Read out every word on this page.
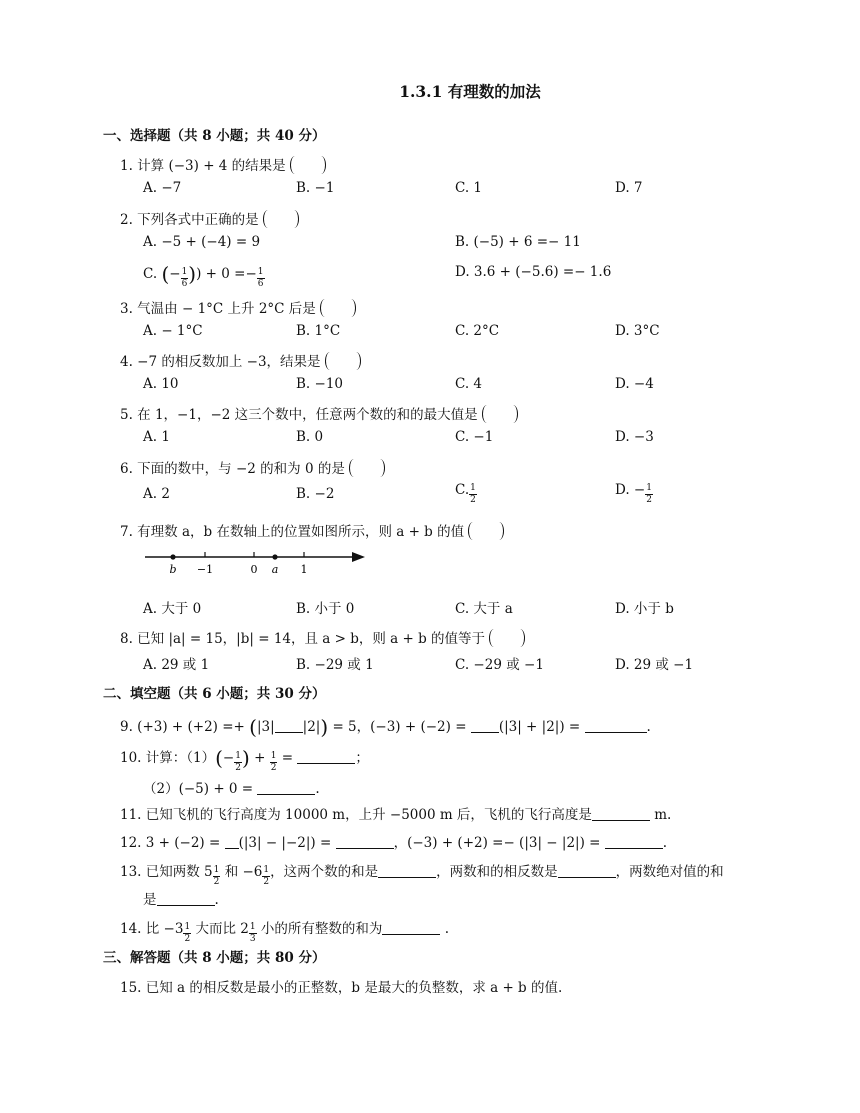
1.3.1 有理数的加法
一、选择题（共 8 小题；共 40 分）
1. 计算 (−3) + 4 的结果是
A. −7	B. −1	C. 1	D. 7
2. 下列各式中正确的是
A. −5 + (−4) = 9	B. (−5) + 6 =− 11
C. (− $\frac{1}{6}$ )) + $0 =- \frac{1}{6}$	D. 3.6 + (−5.6) =− 1.6
3. 气温由 − 1°C 上升 2°C 后是
A. − 1°C	B. 1°C	C. 2°C	D. 3°C
4. −7 的相反数加上 −3，结果是
A. 10	B. −10	C. 4	D. −4
5. 在 1，−1，−2 这三个数中，任意两个数的和的最大值是
A. 1	B. 0	C. −1	D. −3
6. 下面的数中，与 −2 的和为 0 的是
A. 2	B. −2	C. $\frac{1}{2}$	D. − $\frac{1}{2}$
7. 有理数 a，b 在数轴上的位置如图所示，则 a + b 的值
b −1	0 a 1
A. 大于 0	B. 小于 0	C. 大于 a	D. 小于 b
8. 已知 |a| = 15，|b| = 14，且 a > b，则 a + b 的值等于
A. 29 或 1	B. −29 或 1	C. −29 或 −1	D. 29 或 −1
二、填空题（共 6 小题；共 30 分）
9. (+3) + (+2) =+ (|3| |2|) = 5，(−3) + (−2) = (|3| + |2|) =	.
10. 计算：$(1)(- \frac{1}{2}$ ) + $\frac{1}{2}$ =	；
（2）(−5) + 0 =	.
11. 已知飞机的飞行高度为 10000 m，上升 −5000 m 后，飞机的飞行高度是	m.
12. 3 + (−2) = (|3| − |−2|) =	，(−3) + (+2) =− (|3| − |2|) =	.
13. 已知两数 $5 \frac{1}{2}$ 和 $-6 \frac{1}{2}$ ，这两个数的和是	，两数和的相反数是	，两数绝对值的和
是	.
14. 比 $-3 \frac{1}{2}$ 大而比 $2 \frac{1}{3}$ 小的所有整数的和为	.
三、解答题（共 8 小题；共 80 分）
15. 已知 a 的相反数是最小的正整数，b 是最大的负整数，求 a + b 的值.
